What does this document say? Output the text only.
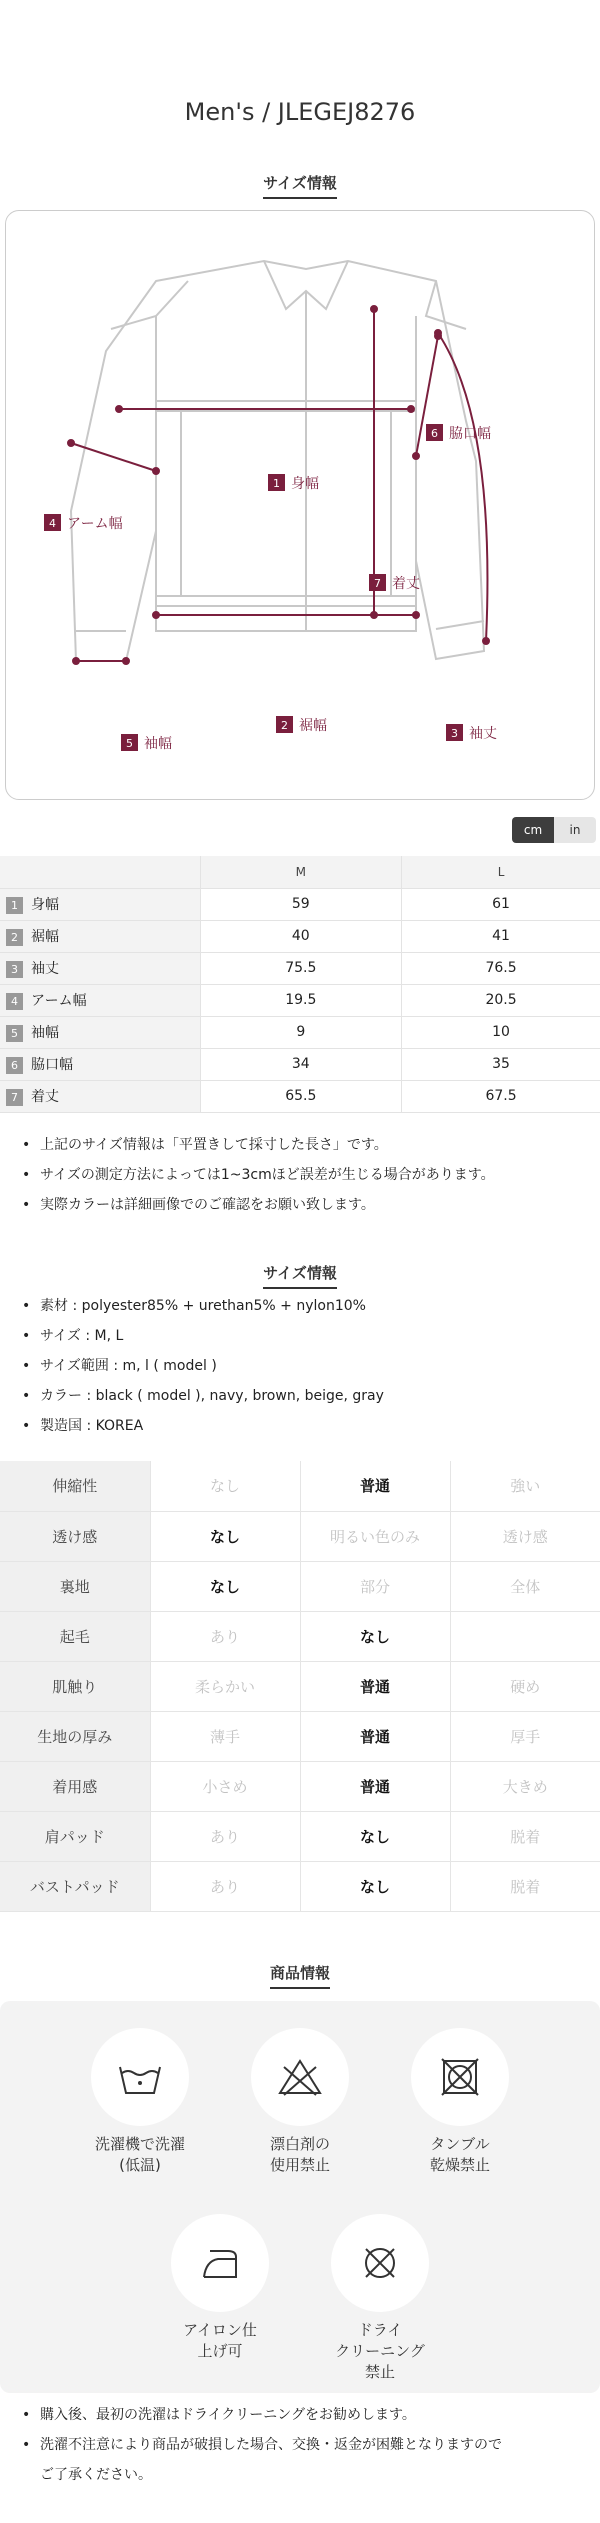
Men's / JLEGEJ8276
サイズ情報
1 身幅
2 裾幅	3 袖丈
4 アーム幅
5 袖幅
6 脇口幅
7 着丈
cm	in
	M	L
1 身幅	59	61
2 裾幅	40	41
3 袖丈	75.5	76.5
4 アーム幅	19.5	20.5
5 袖幅	9	10
6 脇口幅	34	35
7 着丈	65.5	67.5
• 上記のサイズ情報は「平置きして採寸した長さ」です。
• サイズの測定方法によっては1~3cmほど誤差が生じる場合があります。
• 実際カラーは詳細画像でのご確認をお願い致します。
サイズ情報
• 素材 : polyester85% + urethan5% + nylon10%
• サイズ : M, L
• サイズ範囲 : m, l ( model )
• カラー : black ( model ), navy, brown, beige, gray
• 製造国 : KOREA
伸縮性	なし	普通	強い
透け感	なし	明るい色のみ	透け感
裏地	なし	部分	全体
起毛	あり	なし	
肌触り	柔らかい	普通	硬め
生地の厚み	薄手	普通	厚手
着用感	小さめ	普通	大きめ
肩パッド	あり	なし	脱着
バストパッド	あり	なし	脱着
商品情報
洗濯機で洗濯
(低温)
漂白剤の
使用禁止
タンブル
乾燥禁止
アイロン仕
上げ可
ドライ
クリーニング
禁止
• 購入後、最初の洗濯はドライクリーニングをお勧めします。
• 洗濯不注意により商品が破損した場合、交換・返金が困難となりますので
ご了承ください。
